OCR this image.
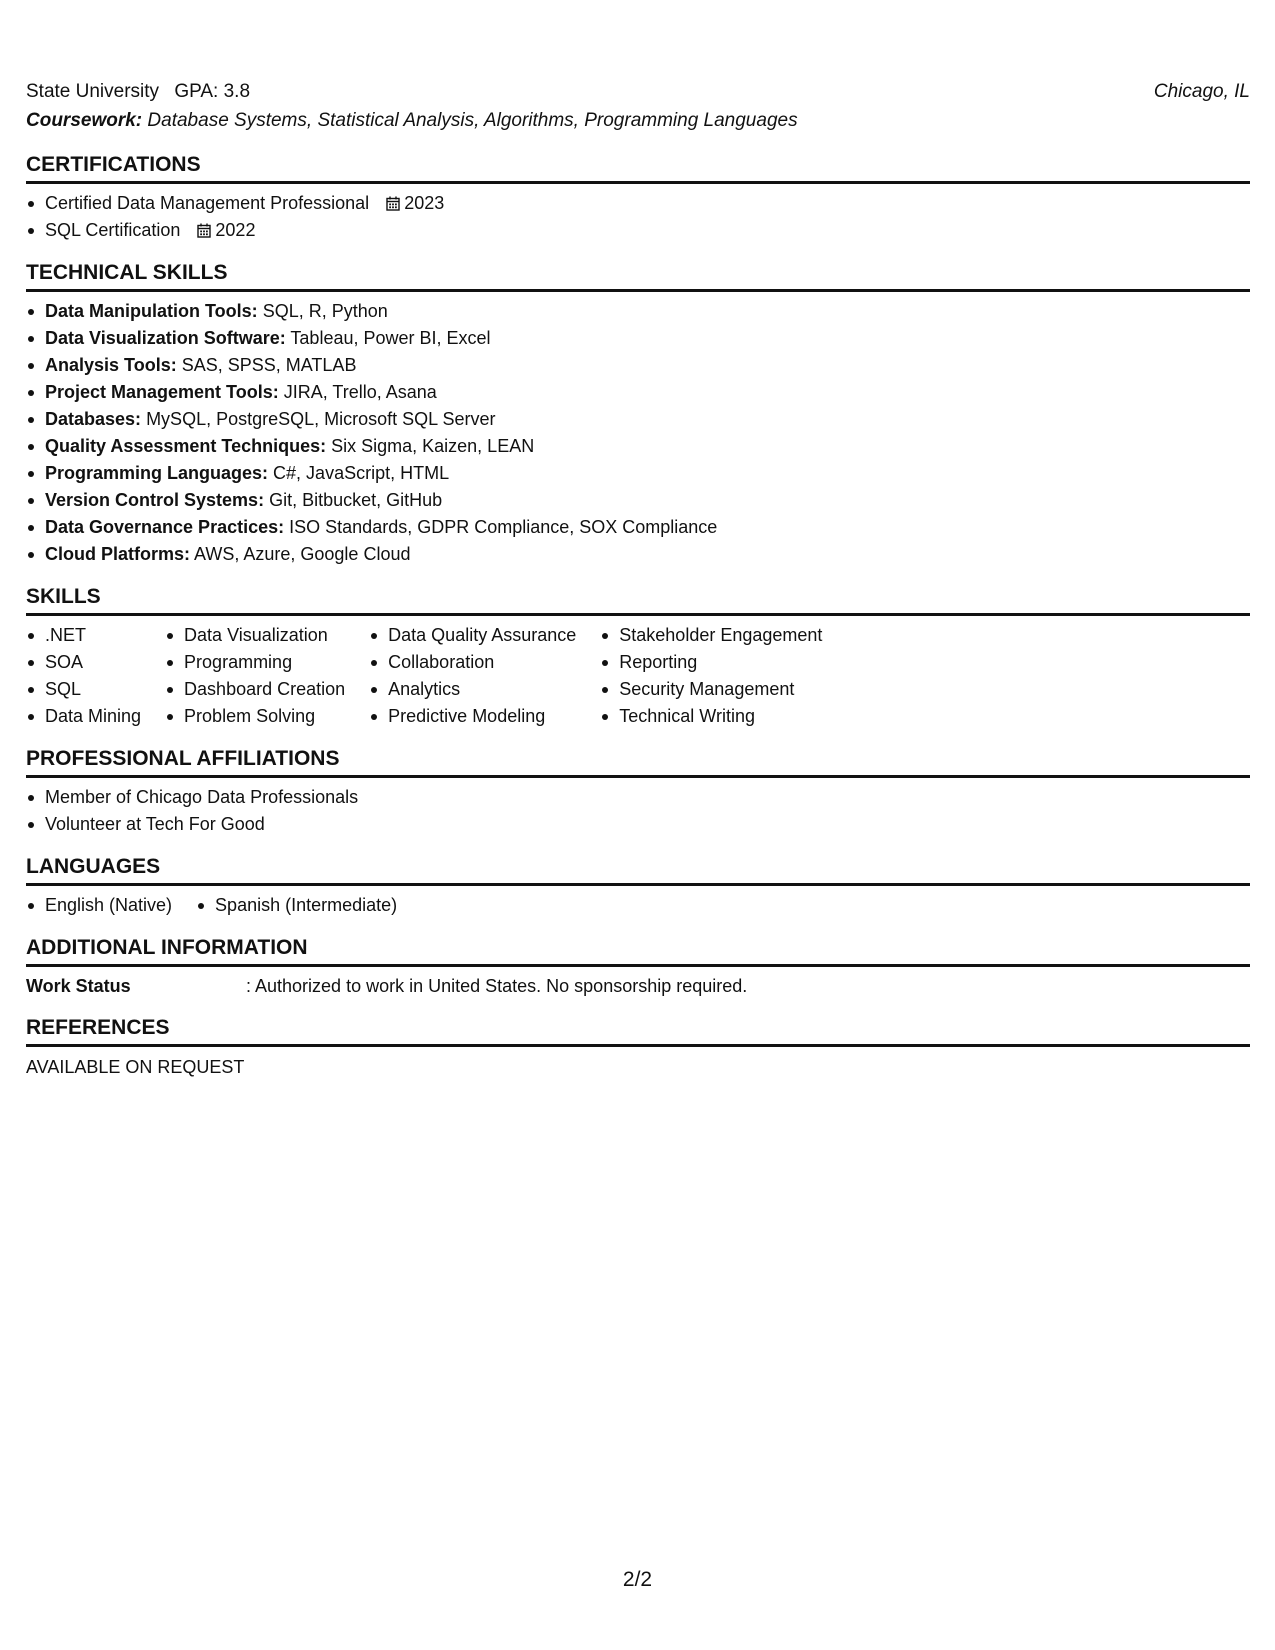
State University GPA: 3.8	Chicago, IL
Coursework: Database Systems, Statistical Analysis, Algorithms, Programming Languages
CERTIFICATIONS
Certified Data Management Professional 2023
SQL Certification 2022
TECHNICAL SKILLS
Data Manipulation Tools: SQL, R, Python
Data Visualization Software: Tableau, Power BI, Excel
Analysis Tools: SAS, SPSS, MATLAB
Project Management Tools: JIRA, Trello, Asana
Databases: MySQL, PostgreSQL, Microsoft SQL Server
Quality Assessment Techniques: Six Sigma, Kaizen, LEAN
Programming Languages: C#, JavaScript, HTML
Version Control Systems: Git, Bitbucket, GitHub
Data Governance Practices: ISO Standards, GDPR Compliance, SOX Compliance
Cloud Platforms: AWS, Azure, Google Cloud
SKILLS
.NET
SOA
SQL
Data Mining
Data Visualization
Programming
Dashboard Creation
Problem Solving
Data Quality Assurance
Collaboration
Analytics
Predictive Modeling
Stakeholder Engagement
Reporting
Security Management
Technical Writing
PROFESSIONAL AFFILIATIONS
Member of Chicago Data Professionals
Volunteer at Tech For Good
LANGUAGES
English (Native)	Spanish (Intermediate)
ADDITIONAL INFORMATION
Work Status	: Authorized to work in United States. No sponsorship required.
REFERENCES
AVAILABLE ON REQUEST
2/2
